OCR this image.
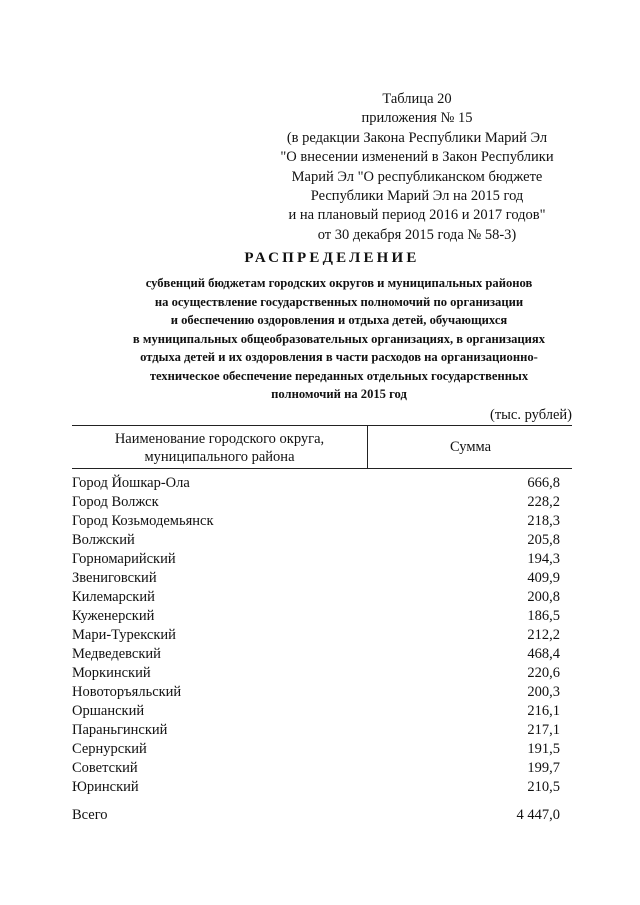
Таблица 20
приложения № 15
(в редакции Закона Республики Марий Эл
"О внесении изменений в Закон Республики
Марий Эл "О республиканском бюджете
Республики Марий Эл на 2015 год
и на плановый период 2016 и 2017 годов"
от 30 декабря 2015 года № 58-3)
РАСПРЕДЕЛЕНИЕ
субвенций бюджетам городских округов и муниципальных районов
на осуществление государственных полномочий по организации
и обеспечению оздоровления и отдыха детей, обучающихся
в муниципальных общеобразовательных организациях, в организациях
отдыха детей и их оздоровления в части расходов на организационно-
техническое обеспечение переданных отдельных государственных
полномочий на 2015 год
(тыс. рублей)
Наименование городского округа,
муниципального района
Сумма
Город Йошкар-Ола	666,8
Город Волжск	228,2
Город Козьмодемьянск	218,3
Волжский	205,8
Горномарийский	194,3
Звениговский	409,9
Килемарский	200,8
Куженерский	186,5
Мари-Турекский	212,2
Медведевский	468,4
Моркинский	220,6
Новоторъяльский	200,3
Оршанский	216,1
Параньгинский	217,1
Сернурский	191,5
Советский	199,7
Юринский	210,5
Всего	4 447,0
